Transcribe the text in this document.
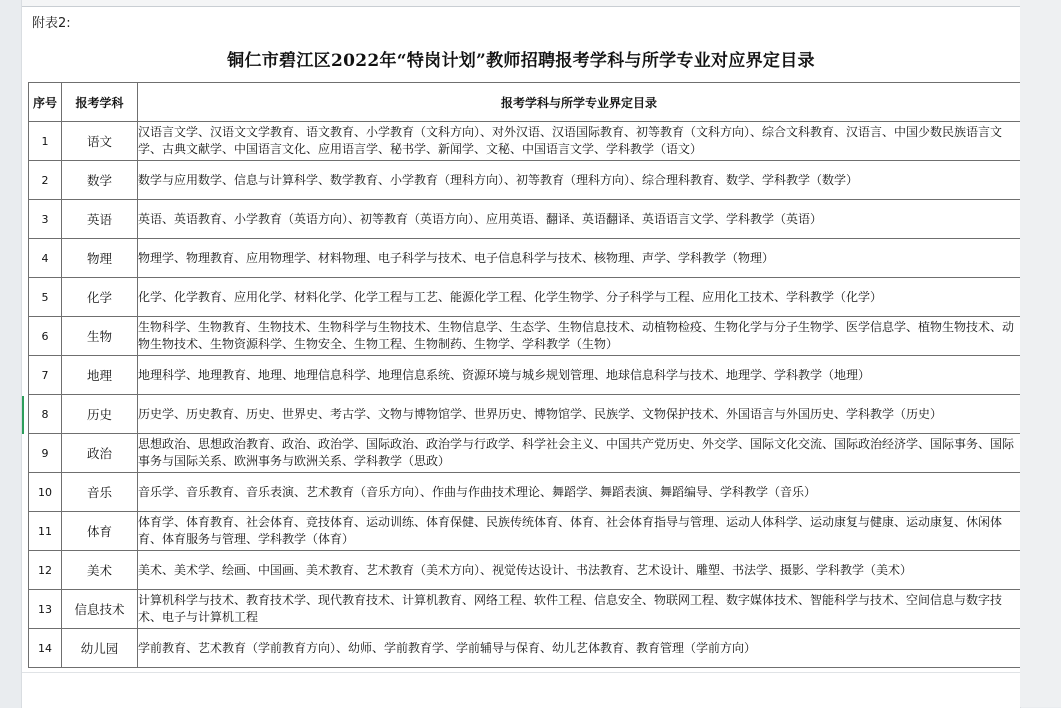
附表2:
铜仁市碧江区2022年“特岗计划”教师招聘报考学科与所学专业对应界定目录
序号	报考学科	报考学科与所学专业界定目录
1	语文	汉语言文学、汉语文文学教育、语文教育、小学教育（文科方向）、对外汉语、汉语国际教育、初等教育（文科方向）、综合文科教育、汉语言、中国少数民族语言文学、古典文献学、中国语言文化、应用语言学、秘书学、新闻学、文秘、中国语言文学、学科教学（语文）
2	数学	数学与应用数学、信息与计算科学、数学教育、小学教育（理科方向）、初等教育（理科方向）、综合理科教育、数学、学科教学（数学）
3	英语	英语、英语教育、小学教育（英语方向）、初等教育（英语方向）、应用英语、翻译、英语翻译、英语语言文学、学科教学（英语）
4	物理	物理学、物理教育、应用物理学、材料物理、电子科学与技术、电子信息科学与技术、核物理、声学、学科教学（物理）
5	化学	化学、化学教育、应用化学、材料化学、化学工程与工艺、能源化学工程、化学生物学、分子科学与工程、应用化工技术、学科教学（化学）
6	生物	生物科学、生物教育、生物技术、生物科学与生物技术、生物信息学、生态学、生物信息技术、动植物检疫、生物化学与分子生物学、医学信息学、植物生物技术、动物生物技术、生物资源科学、生物安全、生物工程、生物制药、生物学、学科教学（生物）
7	地理	地理科学、地理教育、地理、地理信息科学、地理信息系统、资源环境与城乡规划管理、地球信息科学与技术、地理学、学科教学（地理）
8	历史	历史学、历史教育、历史、世界史、考古学、文物与博物馆学、世界历史、博物馆学、民族学、文物保护技术、外国语言与外国历史、学科教学（历史）
9	政治	思想政治、思想政治教育、政治、政治学、国际政治、政治学与行政学、科学社会主义、中国共产党历史、外交学、国际文化交流、国际政治经济学、国际事务、国际事务与国际关系、欧洲事务与欧洲关系、学科教学（思政）
10	音乐	音乐学、音乐教育、音乐表演、艺术教育（音乐方向）、作曲与作曲技术理论、舞蹈学、舞蹈表演、舞蹈编导、学科教学（音乐）
11	体育	体育学、体育教育、社会体育、竞技体育、运动训练、体育保健、民族传统体育、体育、社会体育指导与管理、运动人体科学、运动康复与健康、运动康复、休闲体育、体育服务与管理、学科教学（体育）
12	美术	美术、美术学、绘画、中国画、美术教育、艺术教育（美术方向）、视觉传达设计、书法教育、艺术设计、雕塑、书法学、摄影、学科教学（美术）
13	信息技术	计算机科学与技术、教育技术学、现代教育技术、计算机教育、网络工程、软件工程、信息安全、物联网工程、数字媒体技术、智能科学与技术、空间信息与数字技术、电子与计算机工程
14	幼儿园	学前教育、艺术教育（学前教育方向）、幼师、学前教育学、学前辅导与保育、幼儿艺体教育、教育管理（学前方向）
